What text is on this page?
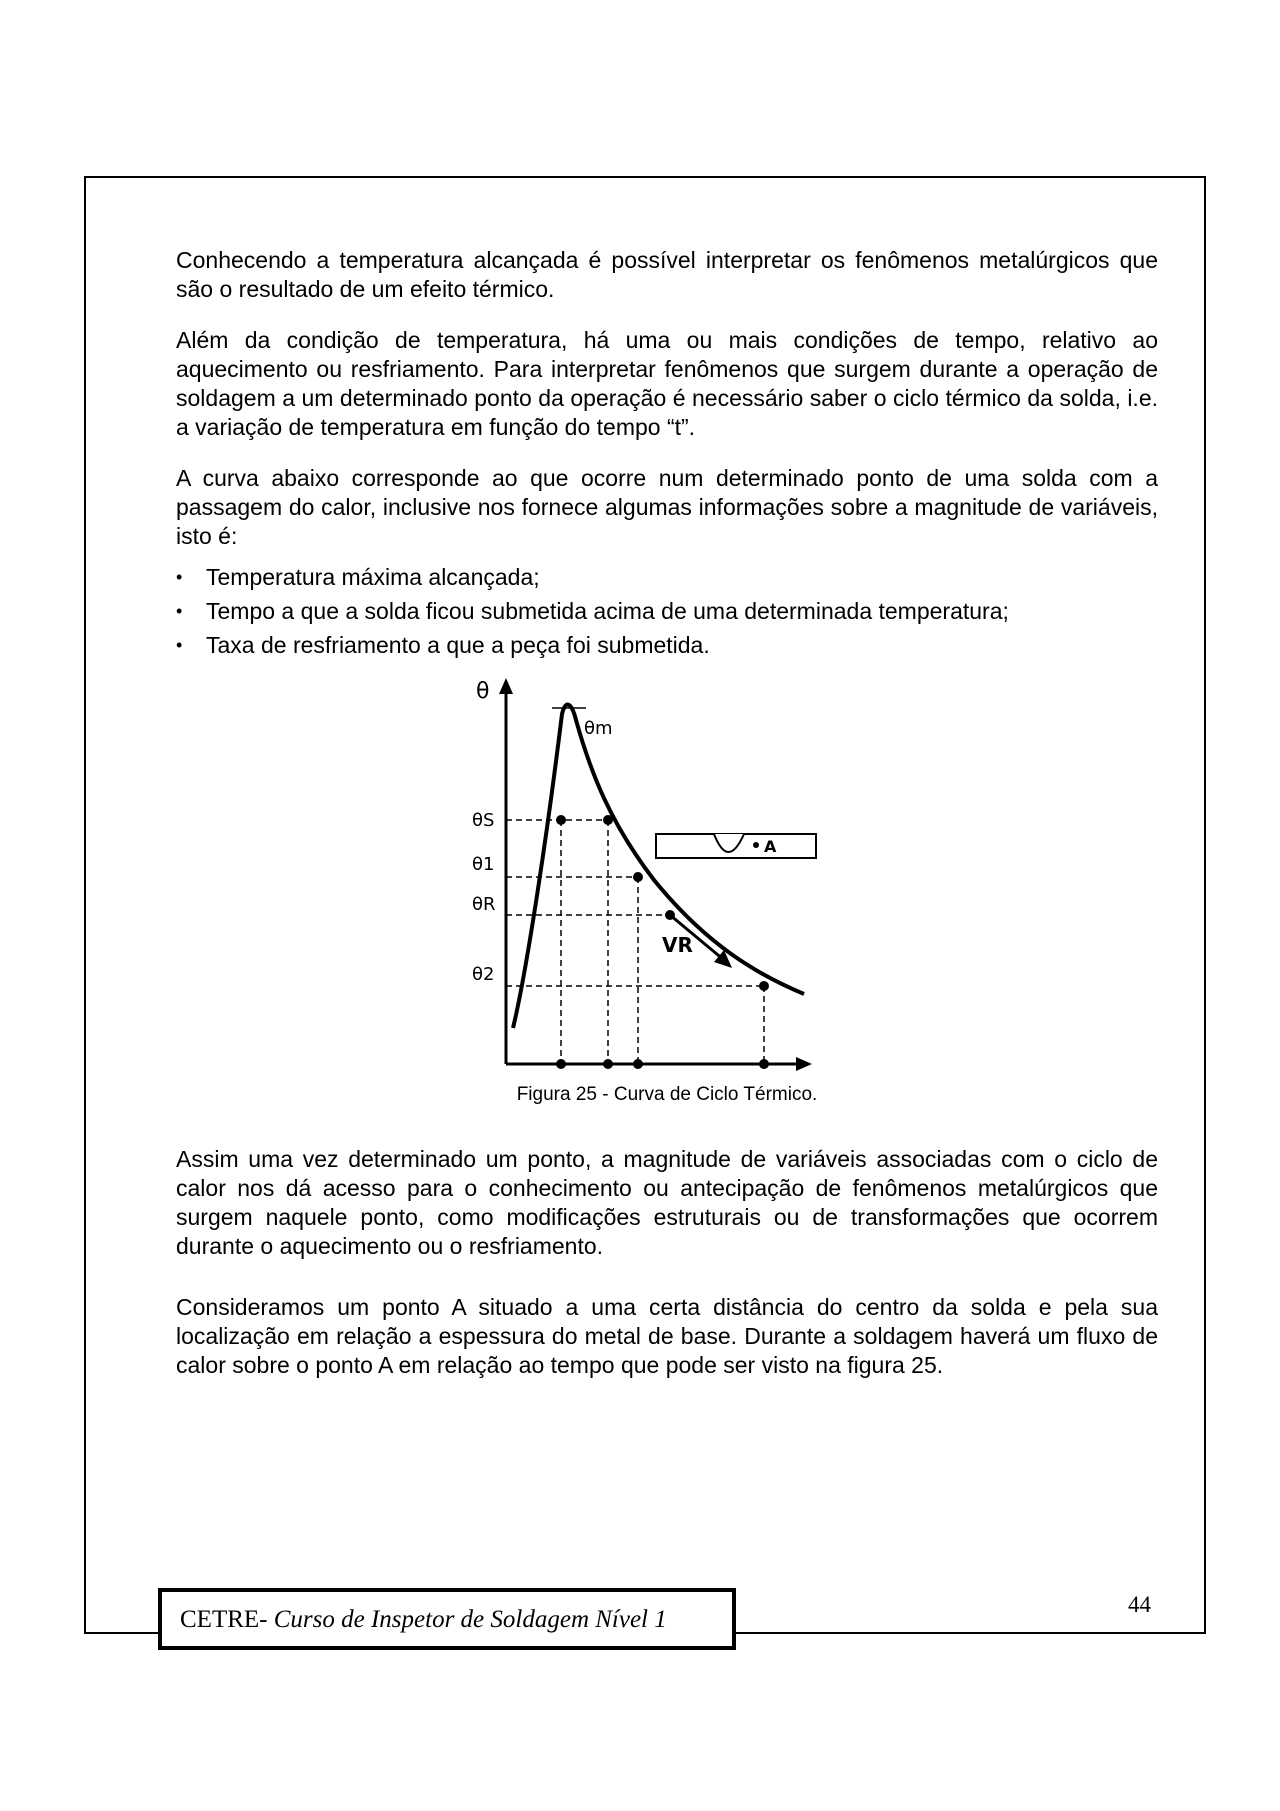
Conhecendo a temperatura alcançada é possível interpretar os fenômenos metalúrgicos que são o resultado de um efeito térmico.

Além da condição de temperatura, há uma ou mais condições de tempo, relativo ao aquecimento ou resfriamento. Para interpretar fenômenos que surgem durante a operação de soldagem a um determinado ponto da operação é necessário saber o ciclo térmico da solda, i.e. a variação de temperatura em função do tempo “t”.

A curva abaixo corresponde ao que ocorre num determinado ponto de uma solda com a passagem do calor, inclusive nos fornece algumas informações sobre a magnitude de variáveis, isto é:

• Temperatura máxima alcançada;
• Tempo a que a solda ficou submetida acima de uma determinada temperatura;
• Taxa de resfriamento a que a peça foi submetida.
θ
θm
θS
θ1
θR
θ2
VR
A
Figura 25 - Curva de Ciclo Térmico.

Assim uma vez determinado um ponto, a magnitude de variáveis associadas com o ciclo de calor nos dá acesso para o conhecimento ou antecipação de fenômenos metalúrgicos que surgem naquele ponto, como modificações estruturais ou de transformações que ocorrem durante o aquecimento ou o resfriamento.

Consideramos um ponto A situado a uma certa distância do centro da solda e pela sua localização em relação a espessura do metal de base. Durante a soldagem haverá um fluxo de calor sobre o ponto A em relação ao tempo que pode ser visto na figura 25.

CETRE- Curso de Inspetor de Soldagem Nível 1
44
